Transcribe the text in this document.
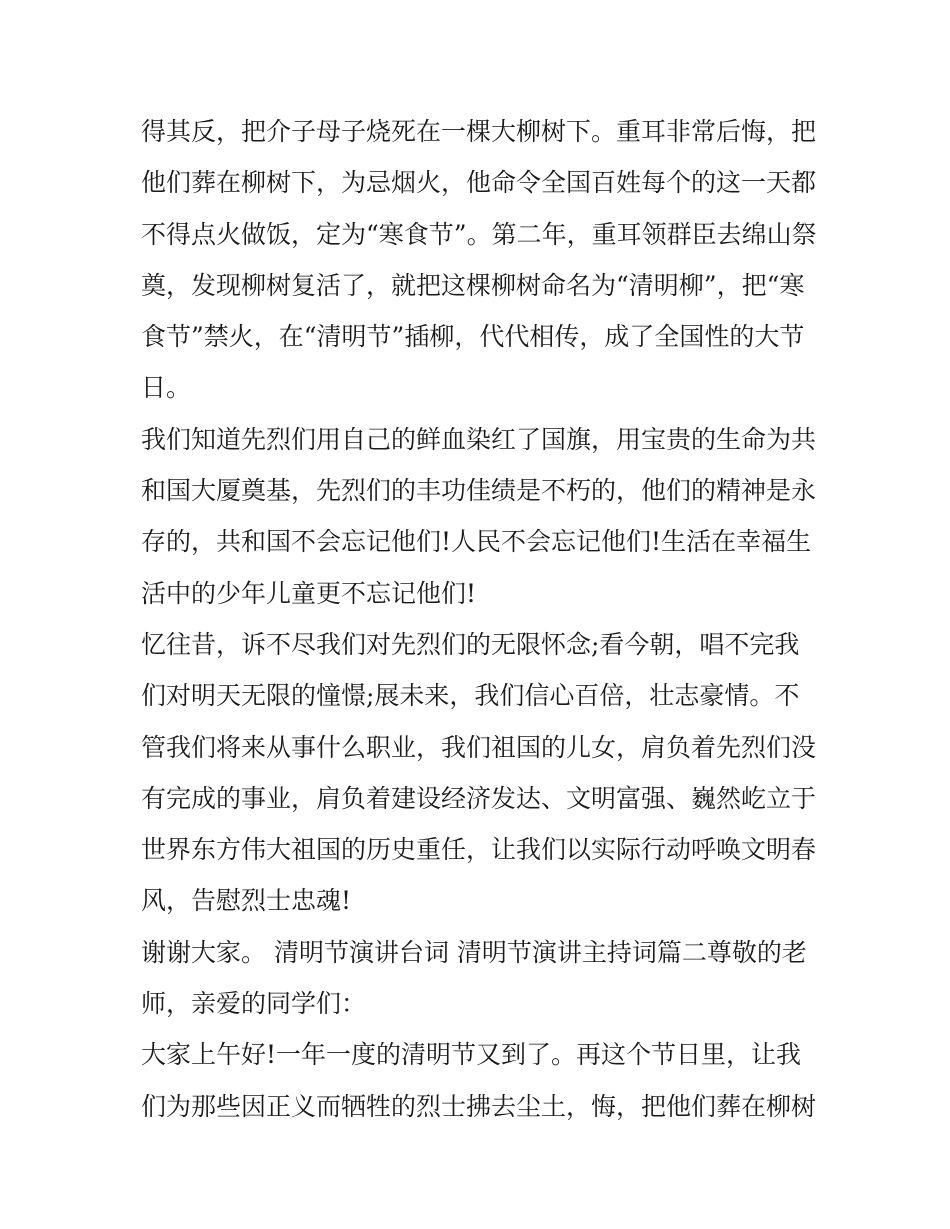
得其反，把介子母子烧死在一棵大柳树下。重耳非常后悔，把
他们葬在柳树下，为忌烟火，他命令全国百姓每个的这一天都
不得点火做饭，定为“寒食节”。第二年，重耳领群臣去绵山祭
奠，发现柳树复活了，就把这棵柳树命名为“清明柳”，把“寒
食节”禁火，在“清明节”插柳，代代相传，成了全国性的大节
日。
我们知道先烈们用自己的鲜血染红了国旗，用宝贵的生命为共
和国大厦奠基，先烈们的丰功佳绩是不朽的，他们的精神是永
存的，共和国不会忘记他们!人民不会忘记他们!生活在幸福生
活中的少年儿童更不忘记他们!
忆往昔，诉不尽我们对先烈们的无限怀念;看今朝，唱不完我
们对明天无限的憧憬;展未来，我们信心百倍，壮志豪情。不
管我们将来从事什么职业，我们祖国的儿女，肩负着先烈们没
有完成的事业，肩负着建设经济发达、文明富强、巍然屹立于
世界东方伟大祖国的历史重任，让我们以实际行动呼唤文明春
风，告慰烈士忠魂!
谢谢大家。 清明节演讲台词 清明节演讲主持词篇二尊敬的老
师，亲爱的同学们：
大家上午好!一年一度的清明节又到了。再这个节日里，让我
们为那些因正义而牺牲的烈士拂去尘土，悔，把他们葬在柳树
